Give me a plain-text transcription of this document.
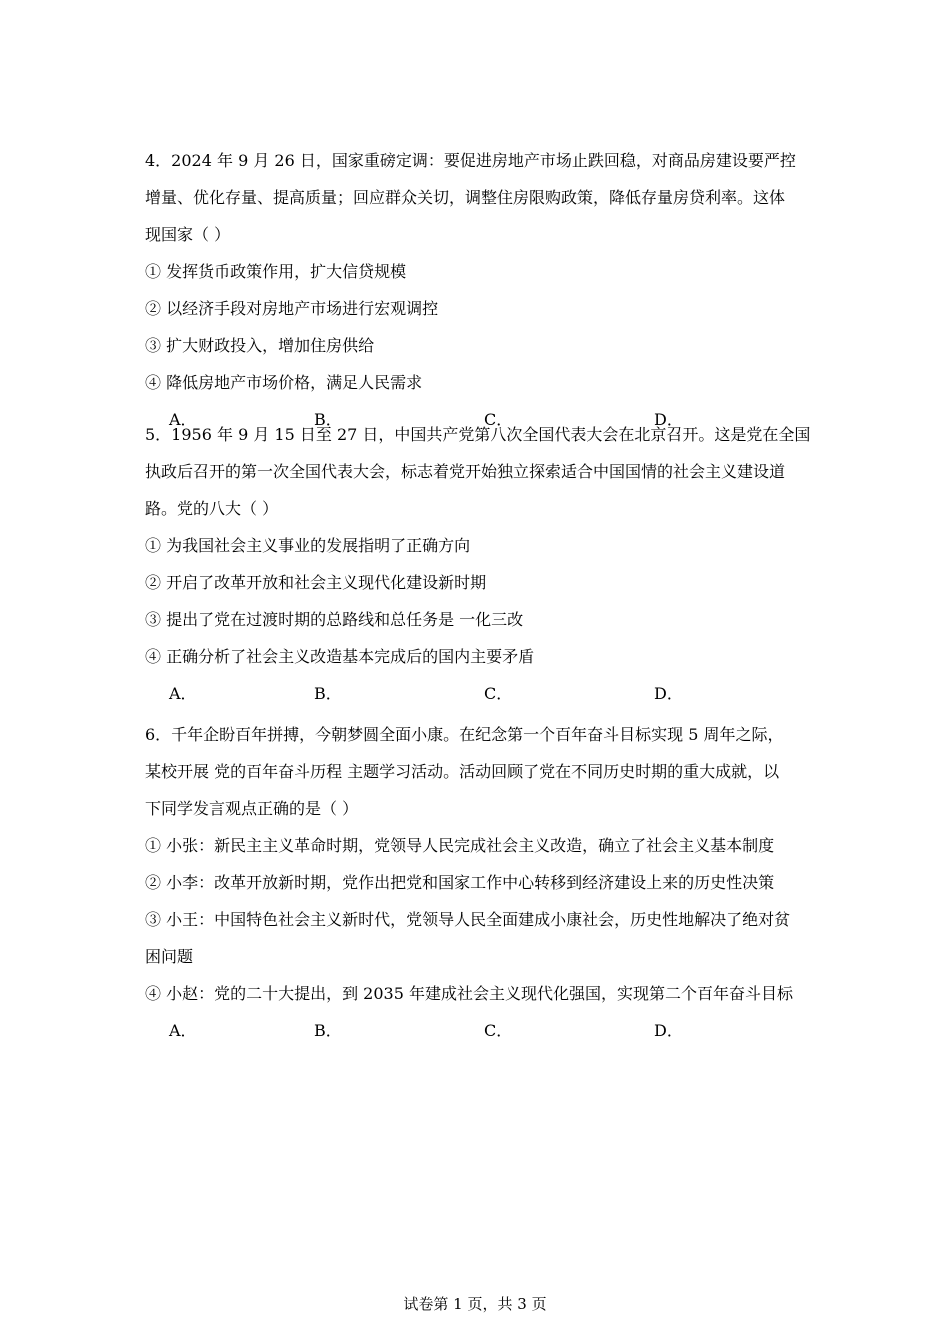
4．2024 年 9 月 26 日，国家重磅定调：要促进房地产市场止跌回稳，对商品房建设要严控
增量、优化存量、提高质量；回应群众关切，调整住房限购政策，降低存量房贷利率。这体
现国家（ ）
① 发挥货币政策作用，扩大信贷规模
② 以经济手段对房地产市场进行宏观调控
③ 扩大财政投入，增加住房供给
④ 降低房地产市场价格，满足人民需求
A．	B．	C．	D．
5．1956 年 9 月 15 日至 27 日，中国共产党第八次全国代表大会在北京召开。这是党在全国
执政后召开的第一次全国代表大会，标志着党开始独立探索适合中国国情的社会主义建设道
路。党的八大（ ）
① 为我国社会主义事业的发展指明了正确方向
② 开启了改革开放和社会主义现代化建设新时期
③ 提出了党在过渡时期的总路线和总任务是 一化三改
④ 正确分析了社会主义改造基本完成后的国内主要矛盾
A．	B．	C．	D．
6．千年企盼百年拼搏，今朝梦圆全面小康。在纪念第一个百年奋斗目标实现 5 周年之际，
某校开展 党的百年奋斗历程 主题学习活动。活动回顾了党在不同历史时期的重大成就，以
下同学发言观点正确的是（ ）
① 小张：新民主主义革命时期，党领导人民完成社会主义改造，确立了社会主义基本制度
② 小李：改革开放新时期，党作出把党和国家工作中心转移到经济建设上来的历史性决策
③ 小王：中国特色社会主义新时代，党领导人民全面建成小康社会，历史性地解决了绝对贫
困问题
④ 小赵：党的二十大提出，到 2035 年建成社会主义现代化强国，实现第二个百年奋斗目标
A．	B．	C．	D．
试卷第 1 页，共 3 页
